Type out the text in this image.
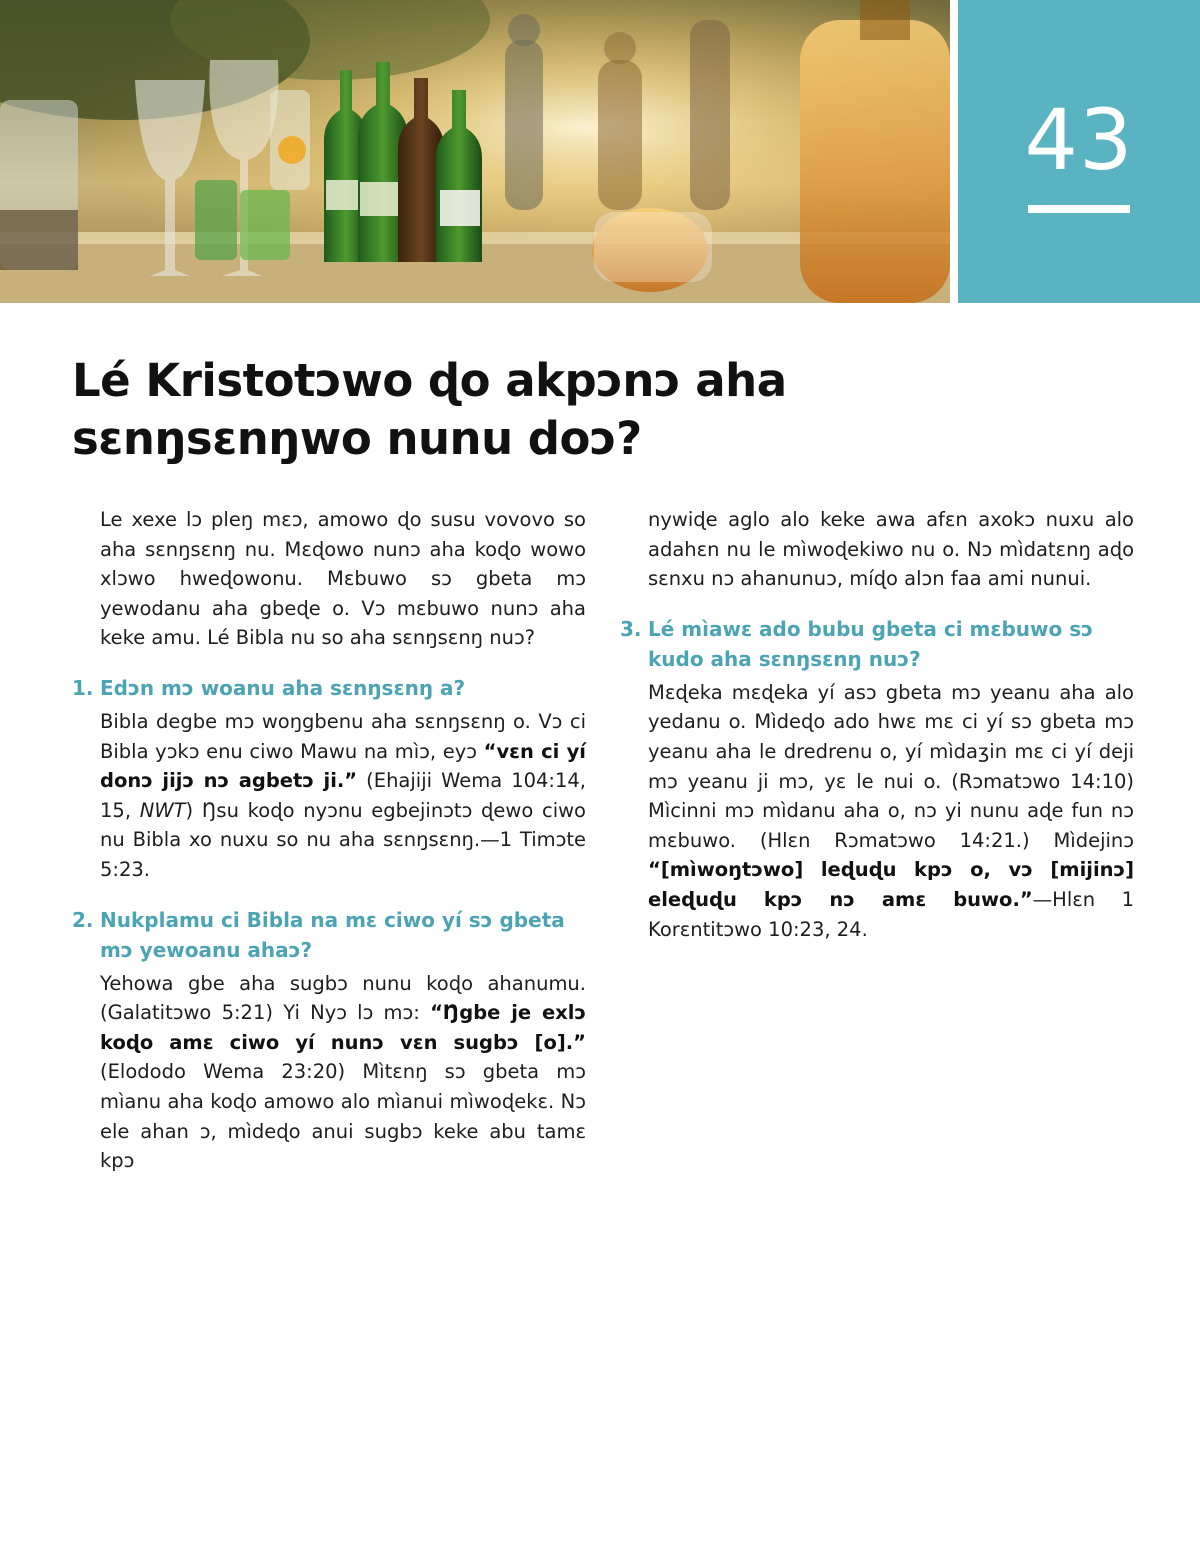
43
Lé Kristotɔwo ɖo akpɔnɔ aha
sɛnŋsɛnŋwo nunu doɔ?

Le xexe lɔ pleŋ mɛɔ, amowo ɖo susu vovovo so aha sɛnŋsɛnŋ nu. Mɛɖowo nunɔ aha koɖo wowo xlɔwo hweɖowonu. Mɛbuwo sɔ gbeta mɔ yewodanu aha gbeɖe o. Vɔ mɛbuwo nunɔ aha keke amu. Lé Bibla nu so aha sɛnŋsɛnŋ nuɔ?

1. Edɔn mɔ woanu aha sɛnŋsɛnŋ a?

Bibla degbe mɔ woŋgbenu aha sɛnŋsɛnŋ o. Vɔ ci Bibla yɔkɔ enu ciwo Mawu na mìɔ, eyɔ “vɛn ci yí donɔ jijɔ nɔ agbetɔ ji.” (Ehajiji Wema 104:14, 15, NWT) Ŋsu koɖo nyɔnu egbejinɔtɔ ɖewo ciwo nu Bibla xo nuxu so nu aha sɛnŋsɛnŋ.—1 Timɔte 5:23.

2. Nukplamu ci Bibla na mɛ ciwo yí sɔ gbeta mɔ yewoanu ahaɔ?

Yehowa gbe aha sugbɔ nunu koɖo ahanumu. (Galatitɔwo 5:21) Yi Nyɔ lɔ mɔ: “Ŋgbe je exlɔ koɖo amɛ ciwo yí nunɔ vɛn sugbɔ [o].” (Elododo Wema 23:20) Mìtɛnŋ sɔ gbeta mɔ mìanu aha koɖo amowo alo mìanui mìwoɖekɛ. Nɔ ele ahan ɔ, mìdeɖo anui sugbɔ keke abu tamɛ kpɔ

nywiɖe aglo alo keke awa afɛn axokɔ nuxu alo adahɛn nu le mìwoɖekiwo nu o. Nɔ mìdatɛnŋ aɖo sɛnxu nɔ ahanunuɔ, míɖo alɔn faa ami nunui.

3. Lé mìawɛ ado bubu gbeta ci mɛbuwo sɔ kudo aha sɛnŋsɛnŋ nuɔ?

Mɛɖeka mɛɖeka yí asɔ gbeta mɔ yeanu aha alo yedanu o. Mìdeɖo ado hwɛ mɛ ci yí sɔ gbeta mɔ yeanu aha le dredrenu o, yí mìdaʒin mɛ ci yí deji mɔ yeanu ji mɔ, yɛ le nui o. (Rɔmatɔwo 14:10) Mìcinni mɔ mìdanu aha o, nɔ yi nunu aɖe fun nɔ mɛbuwo. (Hlɛn Rɔmatɔwo 14:21.) Mìdejinɔ “[mìwoŋtɔwo] leɖuɖu kpɔ o, vɔ [mijinɔ] eleɖuɖu kpɔ nɔ amɛ buwo.”—Hlɛn 1 Korɛntitɔwo 10:23, 24.
